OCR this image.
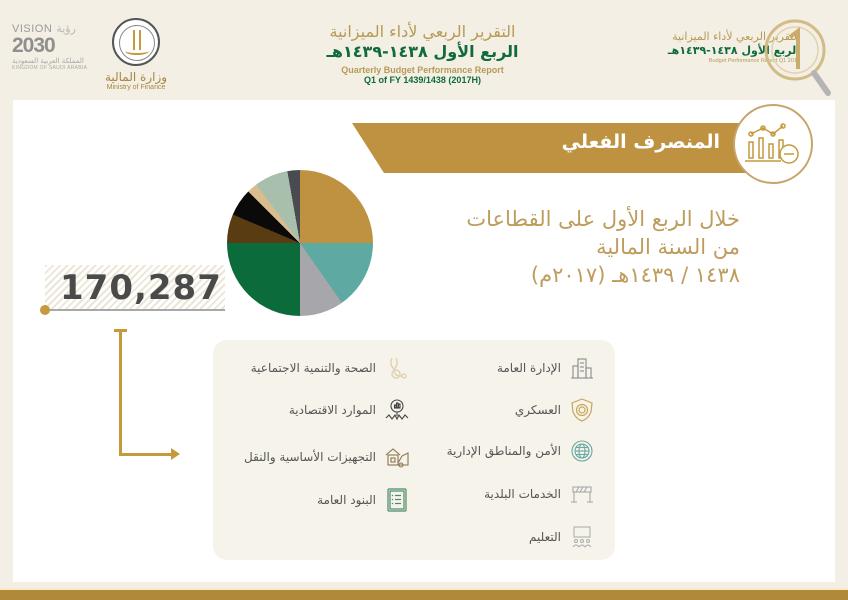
VISION رؤية
2030
المملكة العربية السعودية
KINGDOM OF SAUDI ARABIA
وزارة المالية
Ministry of Finance
التقرير الربعي لأداء الميزانية
الربع الأول ١٤٣٨-١٤٣٩هـ
Quarterly Budget Performance Report
Q1 of FY 1439/1438 (2017H)
التقرير الربعي لأداء الميزانية
الربع الأول ١٤٣٨-١٤٣٩هـ
Budget Performance Report Q1 2017
المنصرف الفعلي
خلال الربع الأول على القطاعات
من السنة المالية
١٤٣٨ / ١٤٣٩هـ (٢٠١٧م)
170,287
الإدارة العامة
العسكري
الأمن والمناطق الإدارية
الخدمات البلدية
التعليم
الصحة والتنمية الاجتماعية
الموارد الاقتصادية
التجهيزات الأساسية والنقل
البنود العامة
